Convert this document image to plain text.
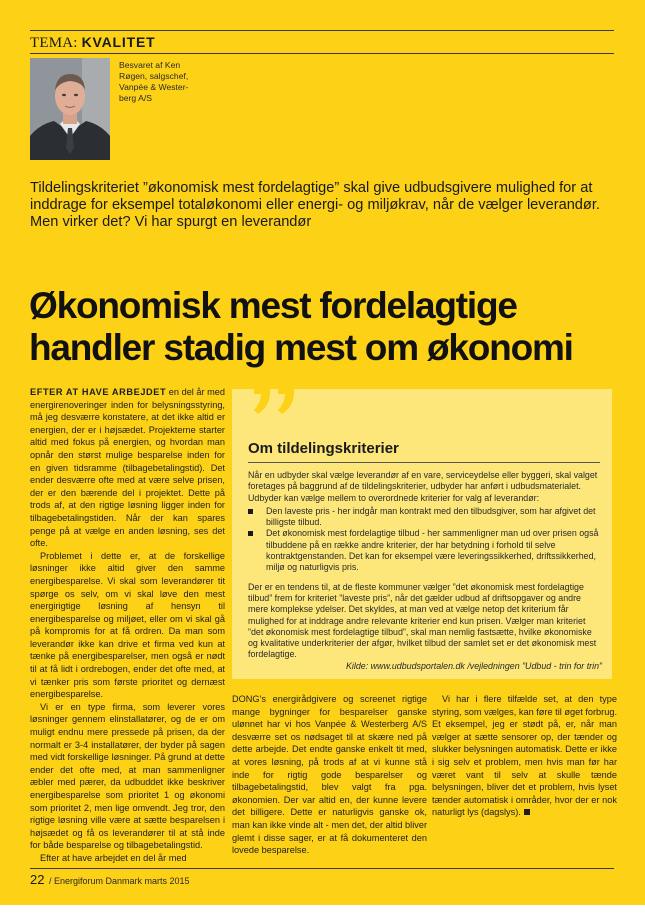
TEMA: KVALITET
Besvaret af Ken
Røgen, salgschef,
Vanpée & Wester-
berg A/S
Tildelingskriteriet ”økonomisk mest fordelagtige” skal give udbudsgivere mulighed for at inddrage for eksempel totaløkonomi eller energi- og miljøkrav, når de vælger leverandør. Men virker det? Vi har spurgt en leverandør
Økonomisk mest fordelagtige
handler stadig mest om økonomi

EFTER AT HAVE ARBEJDET en del år med energirenoveringer inden for belysningsstyring, må jeg desværre konstatere, at det ikke altid er energien, der er i højsædet. Projekterne starter altid med fokus på energien, og hvordan man opnår den størst mulige besparelse inden for en given tidsramme (tilbagebetalingstid). Det ender desværre ofte med at være selve prisen, der er den bærende del i projektet. Dette på trods af, at den rigtige løsning ligger inden for tilbagebetalingstiden. Når der kan spares penge på at vælge en anden løsning, ses det ofte.

Problemet i dette er, at de forskellige løsninger ikke altid giver den samme energibesparelse. Vi skal som leverandører tit spørge os selv, om vi skal løve den mest energirigtige løsning af hensyn til energibesparelse og miljøet, eller om vi skal gå på kompromis for at få ordren. Da man som leverandør ikke kan drive et firma ved kun at tænke på energibesparelser, men også er nødt til at få lidt i ordrebogen, ender det ofte med, at vi tænker pris som første prioritet og dernæst energibesparelse.

Vi er en type firma, som leverer vores løsninger gennem elinstallatører, og de er om muligt endnu mere pressede på prisen, da der normalt er 3-4 installatører, der byder på sagen med vidt forskellige løsninger. På grund at dette ender det ofte med, at man sammenligner æbler med pærer, da udbuddet ikke beskriver energibesparelse som prioritet 1 og økonomi som prioritet 2, men lige omvendt. Jeg tror, den rigtige løsning ville være at sætte besparelsen i højsædet og få os leverandører til at stå inde for både besparelse og tilbagebetalingstid.

Efter at have arbejdet en del år med

Om tildelingskriterier

Når en udbyder skal vælge leverandør af en vare, serviceydelse eller byggeri, skal valget foretages på baggrund af de tildelingskriterier, udbyder har anført i udbudsmaterialet. Udbyder kan vælge mellem to overordnede kriterier for valg af leverandør:

Den laveste pris - her indgår man kontrakt med den tilbudsgiver, som har afgivet det billigste tilbud.
Det økonomisk mest fordelagtige tilbud - her sammenligner man ud over prisen også tilbuddene på en række andre kriterier, der har betydning i forhold til selve kontraktgenstanden. Det kan for eksempel være leveringssikkerhed, driftssikkerhed, miljø og naturligvis pris.

Der er en tendens til, at de fleste kommuner vælger ”det økonomisk mest fordelagtige tilbud” frem for kriteriet ”laveste pris”, når det gælder udbud af driftsopgaver og andre mere komplekse ydelser. Det skyldes, at man ved at vælge netop det kriterium får mulighed for at inddrage andre relevante kriterier end kun prisen. Vælger man kriteriet ”det økonomisk mest fordelagtige tilbud”, skal man nemlig fastsætte, hvilke økonomiske og kvalitative underkriterier der afgør, hvilket tilbud der samlet set er det økonomisk mest fordelagtige.

Kilde: www.udbudsportalen.dk /vejledningen ”Udbud - trin for trin”

DONG's energirådgivere og screenet rigtige mange bygninger for besparelser ganske ulønnet har vi hos Vanpée & Westerberg A/S desværre set os nødsaget til at skære ned på dette arbejde. Det endte ganske enkelt tit med, at vores løsning, på trods af at vi kunne stå inde for rigtig gode besparelser og tilbagebetalingstid, blev valgt fra pga. økonomien. Der var altid en, der kunne levere det billigere. Dette er naturligvis ganske ok, man kan ikke vinde alt - men det, der altid bliver glemt i disse sager, er at få dokumenteret den lovede besparelse.

Vi har i flere tilfælde set, at den type styring, som vælges, kan føre til øget forbrug. Et eksempel, jeg er stødt på, er, når man vælger at sætte sensorer op, der tænder og slukker belysningen automatisk. Dette er ikke i sig selv et problem, men hvis man før har været vant til selv at skulle tænde belysningen, bliver det et problem, hvis lyset tænder automatisk i områder, hvor der er nok naturligt lys (dagslys).

22 / Energiforum Danmark marts 2015
